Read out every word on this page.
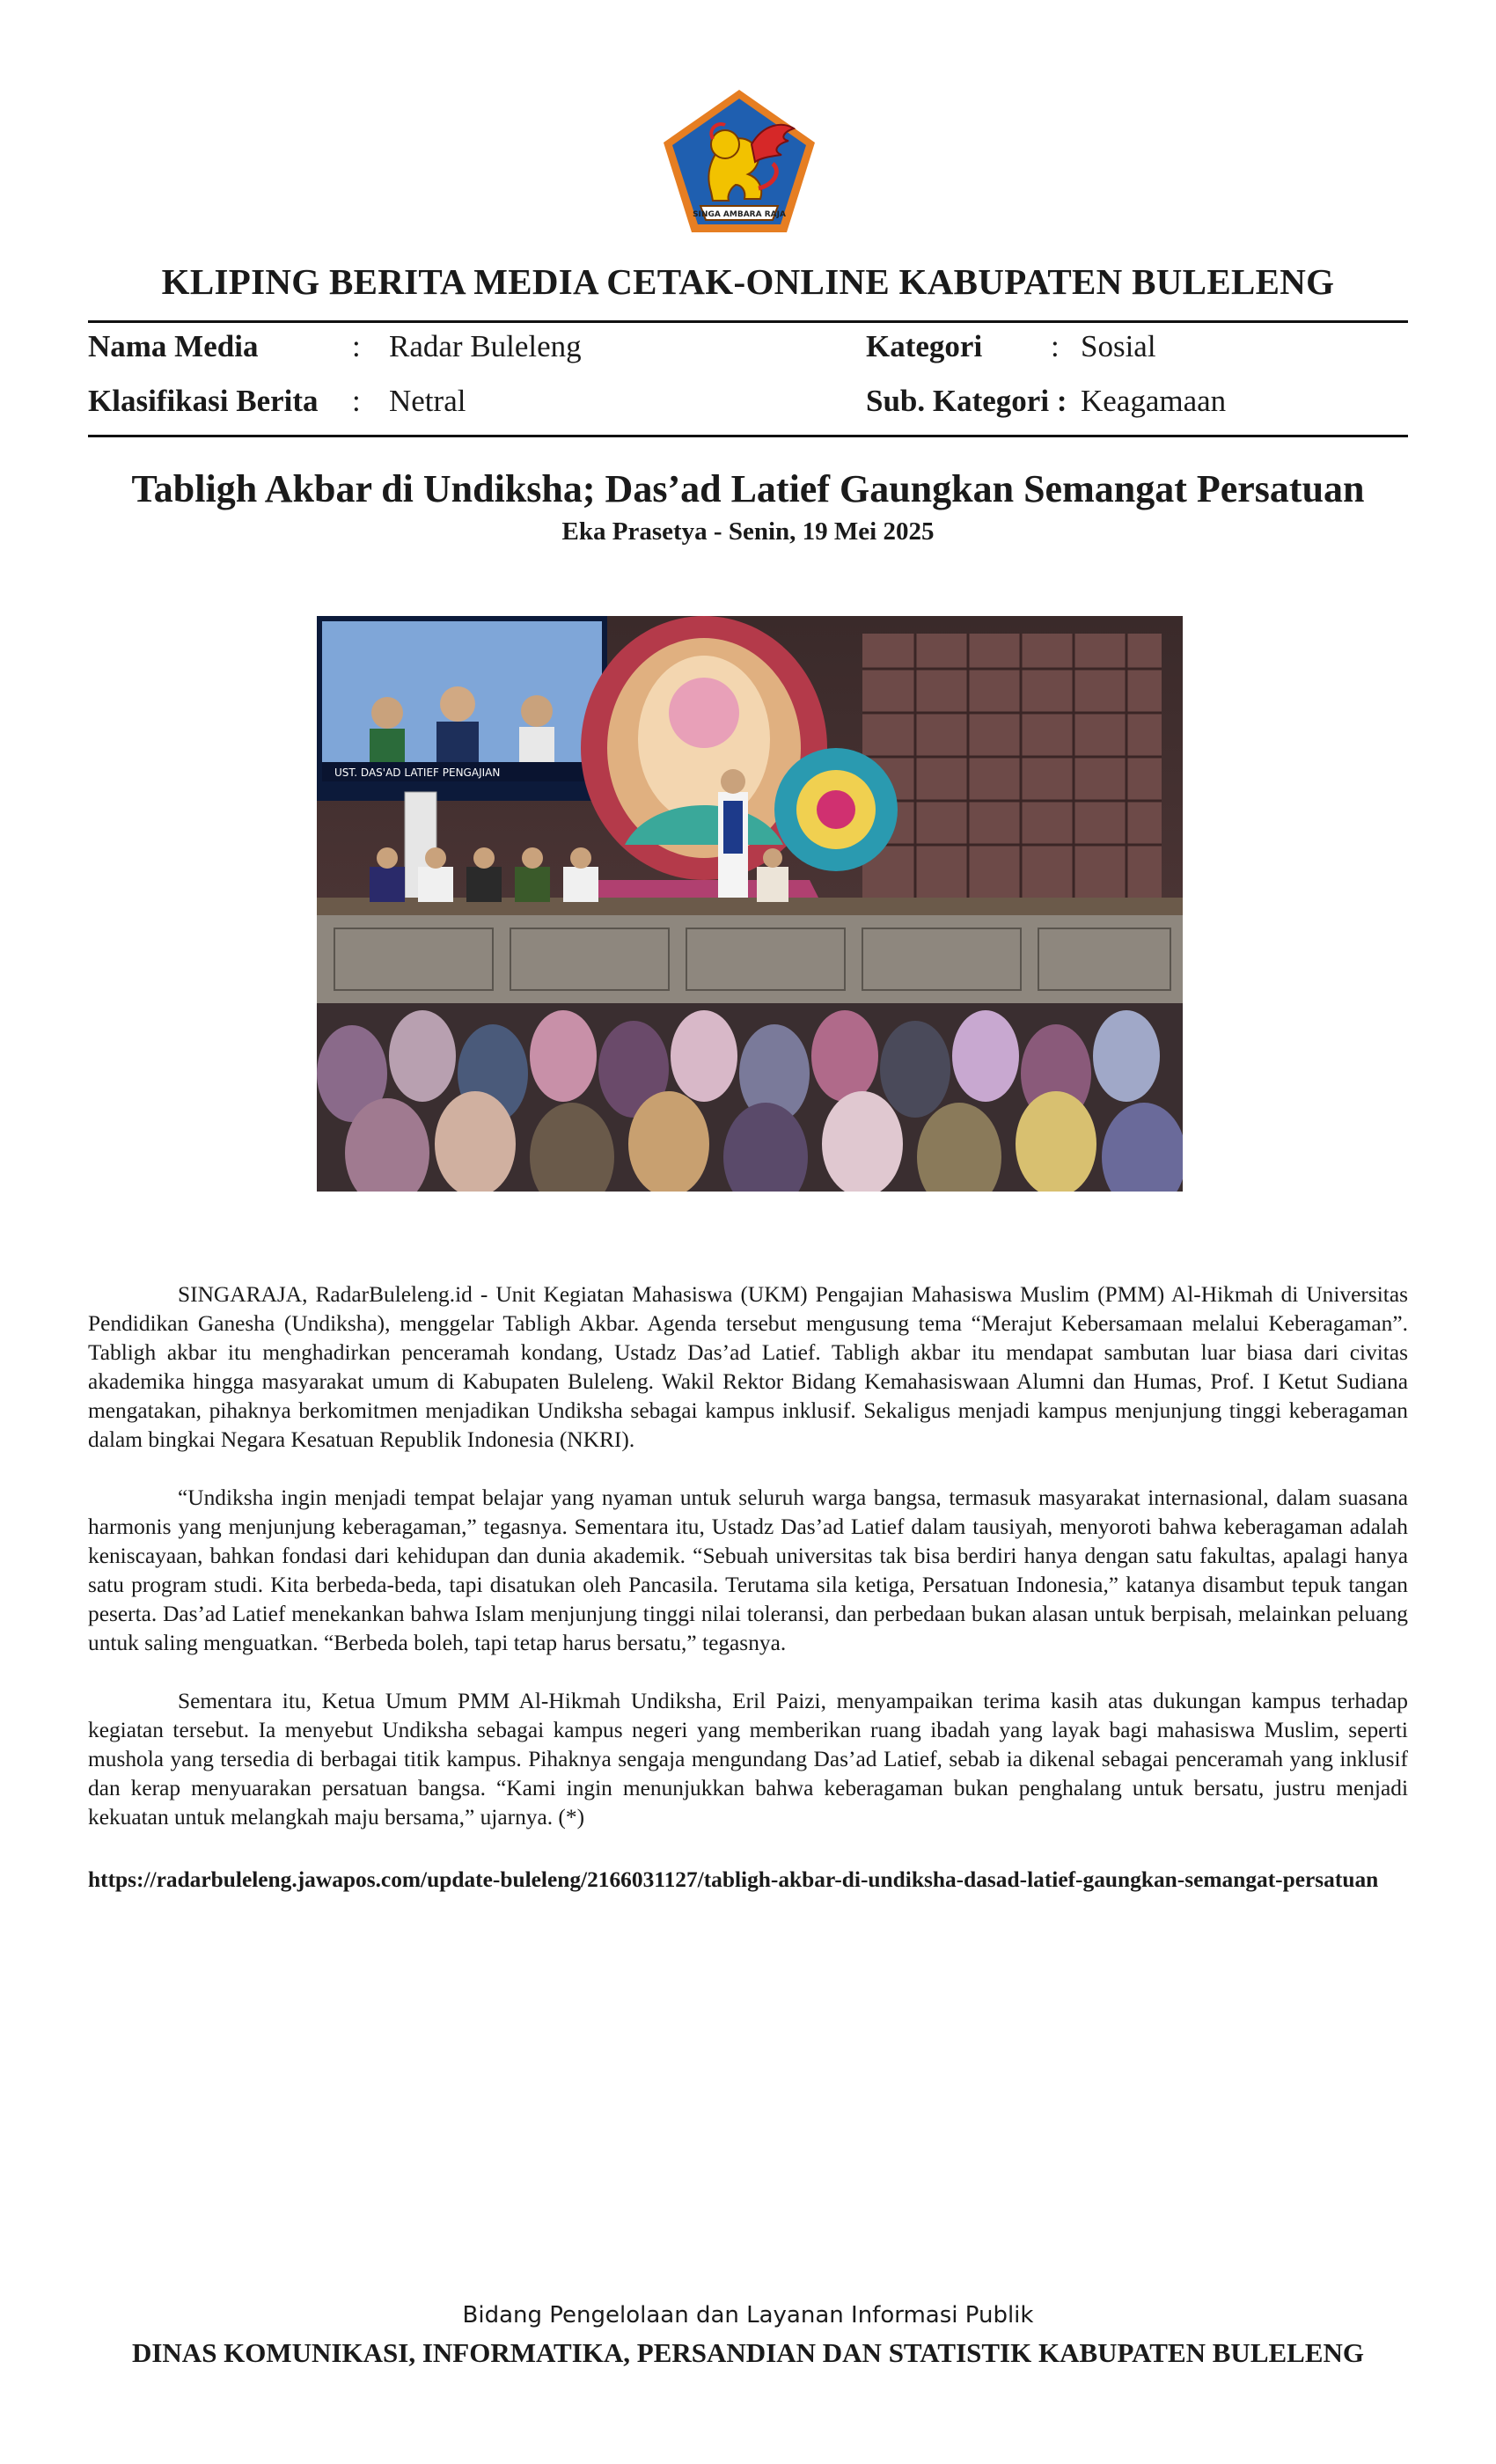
SINGA AMBARA RAJA
KLIPING BERITA MEDIA CETAK-ONLINE KABUPATEN BULELENG
Nama Media	: Radar Buleleng
Klasifikasi Berita : Netral
Kategori : Sosial
Sub. Kategori : Keagamaan
Tabligh Akbar di Undiksha; Das’ad Latief Gaungkan Semangat Persatuan
Eka Prasetya - Senin, 19 Mei 2025
UST. DAS'AD LATIEF PENGAJIAN

SINGARAJA, RadarBuleleng.id - Unit Kegiatan Mahasiswa (UKM) Pengajian Mahasiswa Muslim (PMM) Al-Hikmah di Universitas Pendidikan Ganesha (Undiksha), menggelar Tabligh Akbar. Agenda tersebut mengusung tema “Merajut Kebersamaan melalui Keberagaman”. Tabligh akbar itu menghadirkan penceramah kondang, Ustadz Das’ad Latief. Tabligh akbar itu mendapat sambutan luar biasa dari civitas akademika hingga masyarakat umum di Kabupaten Buleleng. Wakil Rektor Bidang Kemahasiswaan Alumni dan Humas, Prof. I Ketut Sudiana mengatakan, pihaknya berkomitmen menjadikan Undiksha sebagai kampus inklusif. Sekaligus menjadi kampus menjunjung tinggi keberagaman dalam bingkai Negara Kesatuan Republik Indonesia (NKRI).

“Undiksha ingin menjadi tempat belajar yang nyaman untuk seluruh warga bangsa, termasuk masyarakat internasional, dalam suasana harmonis yang menjunjung keberagaman,” tegasnya. Sementara itu, Ustadz Das’ad Latief dalam tausiyah, menyoroti bahwa keberagaman adalah keniscayaan, bahkan fondasi dari kehidupan dan dunia akademik. “Sebuah universitas tak bisa berdiri hanya dengan satu fakultas, apalagi hanya satu program studi. Kita berbeda-beda, tapi disatukan oleh Pancasila. Terutama sila ketiga, Persatuan Indonesia,” katanya disambut tepuk tangan peserta. Das’ad Latief menekankan bahwa Islam menjunjung tinggi nilai toleransi, dan perbedaan bukan alasan untuk berpisah, melainkan peluang untuk saling menguatkan. “Berbeda boleh, tapi tetap harus bersatu,” tegasnya.

Sementara itu, Ketua Umum PMM Al-Hikmah Undiksha, Eril Paizi, menyampaikan terima kasih atas dukungan kampus terhadap kegiatan tersebut. Ia menyebut Undiksha sebagai kampus negeri yang memberikan ruang ibadah yang layak bagi mahasiswa Muslim, seperti mushola yang tersedia di berbagai titik kampus. Pihaknya sengaja mengundang Das’ad Latief, sebab ia dikenal sebagai penceramah yang inklusif dan kerap menyuarakan persatuan bangsa. “Kami ingin menunjukkan bahwa keberagaman bukan penghalang untuk bersatu, justru menjadi kekuatan untuk melangkah maju bersama,” ujarnya. (*)

https://radarbuleleng.jawapos.com/update-buleleng/2166031127/tabligh-akbar-di-undiksha-dasad-latief-gaungkan-semangat-persatuan
Bidang Pengelolaan dan Layanan Informasi Publik
DINAS KOMUNIKASI, INFORMATIKA, PERSANDIAN DAN STATISTIK KABUPATEN BULELENG
